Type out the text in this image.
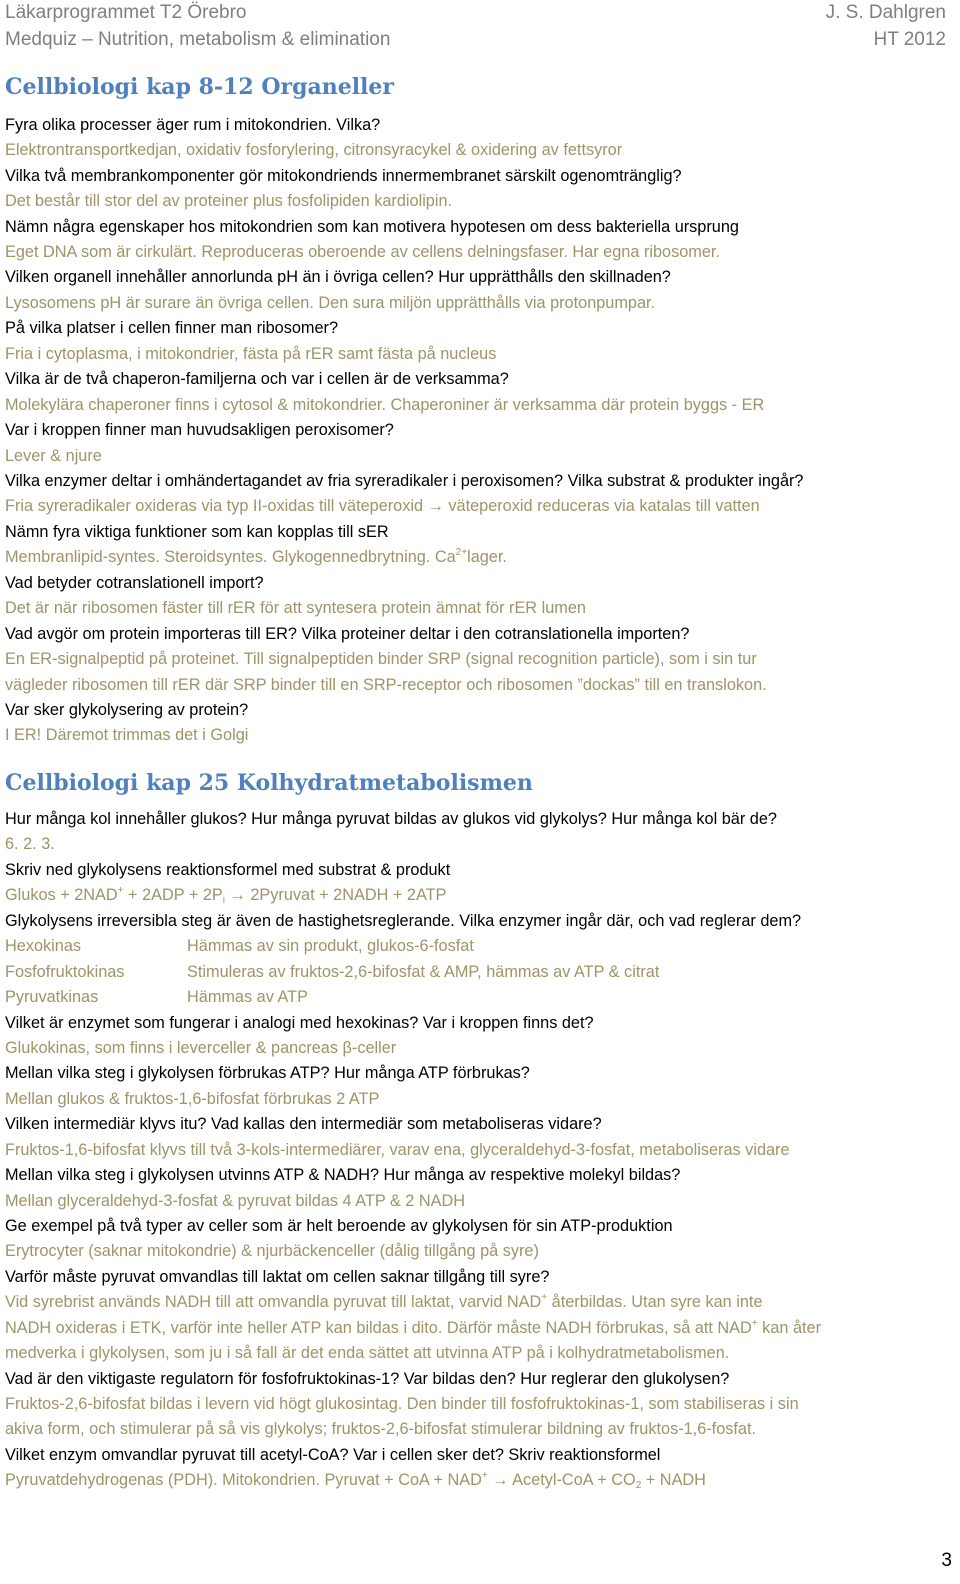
Läkarprogrammet T2 Örebro	J. S. Dahlgren
Medquiz – Nutrition, metabolism & elimination	HT 2012
Cellbiologi kap 8-12 Organeller
Fyra olika processer äger rum i mitokondrien. Vilka?
Elektrontransportkedjan, oxidativ fosforylering, citronsyracykel & oxidering av fettsyror
Vilka två membrankomponenter gör mitokondriends innermembranet särskilt ogenomtränglig?
Det består till stor del av proteiner plus fosfolipiden kardiolipin.
Nämn några egenskaper hos mitokondrien som kan motivera hypotesen om dess bakteriella ursprung
Eget DNA som är cirkulärt. Reproduceras oberoende av cellens delningsfaser. Har egna ribosomer.
Vilken organell innehåller annorlunda pH än i övriga cellen? Hur upprätthålls den skillnaden?
Lysosomens pH är surare än övriga cellen. Den sura miljön upprätthålls via protonpumpar.
På vilka platser i cellen finner man ribosomer?
Fria i cytoplasma, i mitokondrier, fästa på rER samt fästa på nucleus
Vilka är de två chaperon-familjerna och var i cellen är de verksamma?
Molekylära chaperoner finns i cytosol & mitokondrier. Chaperoniner är verksamma där protein byggs - ER
Var i kroppen finner man huvudsakligen peroxisomer?
Lever & njure
Vilka enzymer deltar i omhändertagandet av fria syreradikaler i peroxisomen? Vilka substrat & produkter ingår?
Fria syreradikaler oxideras via typ II-oxidas till väteperoxid → väteperoxid reduceras via katalas till vatten
Nämn fyra viktiga funktioner som kan kopplas till sER
Membranlipid-syntes. Steroidsyntes. Glykogennedbrytning. $Ca^{2+}lager$.
Vad betyder cotranslationell import?
Det är när ribosomen fäster till rER för att syntesera protein ämnat för rER lumen
Vad avgör om protein importeras till ER? Vilka proteiner deltar i den cotranslationella importen?
En ER-signalpeptid på proteinet. Till signalpeptiden binder SRP (signal recognition particle), som i sin tur
vägleder ribosomen till rER där SRP binder till en SRP-receptor och ribosomen ”dockas” till en translokon.
Var sker glykolysering av protein?
I ER! Däremot trimmas det i Golgi
Cellbiologi kap 25 Kolhydratmetabolismen
Hur många kol innehåller glukos? Hur många pyruvat bildas av glukos vid glykolys? Hur många kol bär de?
6. 2. 3.
Skriv ned glykolysens reaktionsformel med substrat & produkt
Glukos + $2NAD^+ + 2ADP + 2P_i$ → 2Pyruvat + 2NADH + 2ATP
Glykolysens irreversibla steg är även de hastighetsreglerande. Vilka enzymer ingår där, och vad reglerar dem?
Hexokinas	Hämmas av sin produkt, glukos-6-fosfat
Fosfofruktokinas	Stimuleras av fruktos-2,6-bifosfat & AMP, hämmas av ATP & citrat
Pyruvatkinas	Hämmas av ATP
Vilket är enzymet som fungerar i analogi med hexokinas? Var i kroppen finns det?
Glukokinas, som finns i leverceller & pancreas β-celler
Mellan vilka steg i glykolysen förbrukas ATP? Hur många ATP förbrukas?
Mellan glukos & fruktos-1,6-bifosfat förbrukas 2 ATP
Vilken intermediär klyvs itu? Vad kallas den intermediär som metaboliseras vidare?
Fruktos-1,6-bifosfat klyvs till två 3-kols-intermediärer, varav ena, glyceraldehyd-3-fosfat, metaboliseras vidare
Mellan vilka steg i glykolysen utvinns ATP & NADH? Hur många av respektive molekyl bildas?
Mellan glyceraldehyd-3-fosfat & pyruvat bildas 4 ATP & 2 NADH
Ge exempel på två typer av celler som är helt beroende av glykolysen för sin ATP-produktion
Erytrocyter (saknar mitokondrie) & njurbäckenceller (dålig tillgång på syre)
Varför måste pyruvat omvandlas till laktat om cellen saknar tillgång till syre?
Vid syrebrist används NADH till att omvandla pyruvat till laktat, varvid NAD+ återbildas. Utan syre kan inte
NADH oxideras i ETK, varför inte heller ATP kan bildas i dito. Därför måste NADH förbrukas, så att NAD+ kan åter
medverka i glykolysen, som ju i så fall är det enda sättet att utvinna ATP på i kolhydratmetabolismen.
Vad är den viktigaste regulatorn för fosfofruktokinas-1? Var bildas den? Hur reglerar den glukolysen?
Fruktos-2,6-bifosfat bildas i levern vid högt glukosintag. Den binder till fosfofruktokinas-1, som stabiliseras i sin
akiva form, och stimulerar på så vis glykolys; fruktos-2,6-bifosfat stimulerar bildning av fruktos-1,6-fosfat.
Vilket enzym omvandlar pyruvat till acetyl-CoA? Var i cellen sker det? Skriv reaktionsformel
Pyruvatdehydrogenas (PDH). Mitokondrien. Pyruvat + CoA + NAD+ → Acetyl-CoA + $CO_2$ + NADH
3
